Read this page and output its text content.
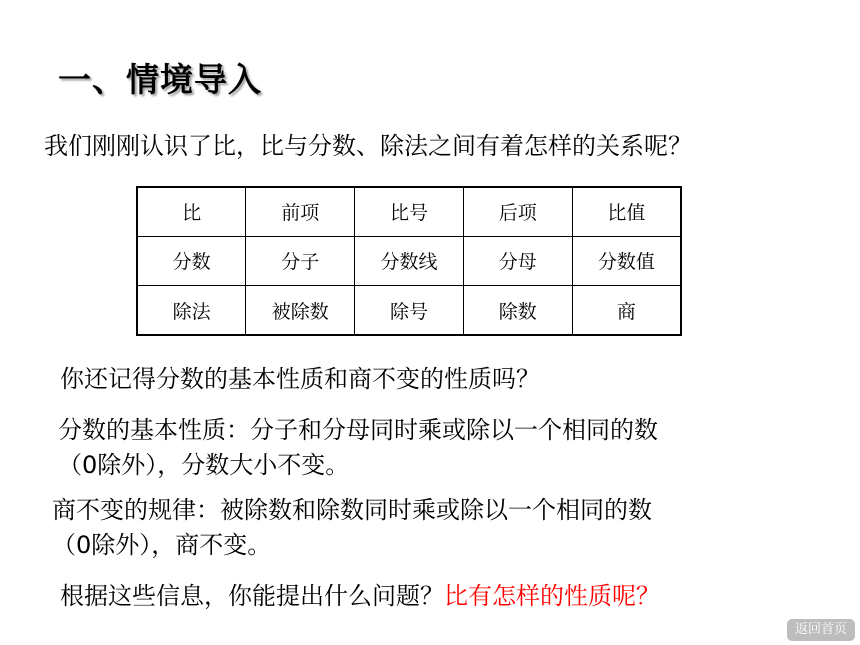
一、情境导入
我们刚刚认识了比，比与分数、除法之间有着怎样的关系呢？
比	前项	比号	后项	比值
分数	分子	分数线	分母	分数值
除法	被除数	除号	除数	商
你还记得分数的基本性质和商不变的性质吗？
分数的基本性质：分子和分母同时乘或除以一个相同的数
（0除外），分数大小不变。
商不变的规律：被除数和除数同时乘或除以一个相同的数
（0除外），商不变。
根据这些信息，你能提出什么问题？比有怎样的性质呢？
返回首页
